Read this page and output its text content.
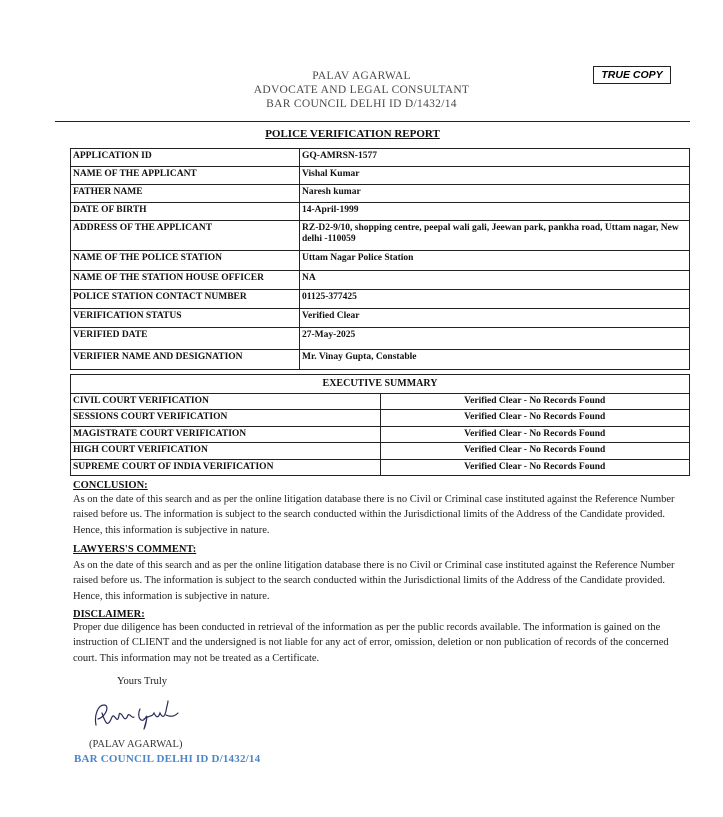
PALAV AGARWAL
ADVOCATE AND LEGAL CONSULTANT
BAR COUNCIL DELHI ID D/1432/14
TRUE COPY
POLICE VERIFICATION REPORT
APPLICATION ID	GQ-AMRSN-1577
NAME OF THE APPLICANT	Vishal Kumar
FATHER NAME	Naresh kumar
DATE OF BIRTH	14-April-1999
ADDRESS OF THE APPLICANT	RZ-D2-9/10, shopping centre, peepal wali gali, Jeewan park, pankha road, Uttam nagar, New delhi -110059
NAME OF THE POLICE STATION	Uttam Nagar Police Station
NAME OF THE STATION HOUSE OFFICER	NA
POLICE STATION CONTACT NUMBER	01125-377425
VERIFICATION STATUS	Verified Clear
VERIFIED DATE	27-May-2025
VERIFIER NAME AND DESIGNATION	Mr. Vinay Gupta, Constable
EXECUTIVE SUMMARY	
CIVIL COURT VERIFICATION	Verified Clear - No Records Found
SESSIONS COURT VERIFICATION	Verified Clear - No Records Found
MAGISTRATE COURT VERIFICATION	Verified Clear - No Records Found
HIGH COURT VERIFICATION	Verified Clear - No Records Found
SUPREME COURT OF INDIA VERIFICATION	Verified Clear - No Records Found
CONCLUSION:
As on the date of this search and as per the online litigation database there is no Civil or Criminal case instituted against the Reference Number raised before us. The information is subject to the search conducted within the Jurisdictional limits of the Address of the Candidate provided. Hence, this information is subjective in nature.
LAWYERS'S COMMENT:
As on the date of this search and as per the online litigation database there is no Civil or Criminal case instituted against the Reference Number raised before us. The information is subject to the search conducted within the Jurisdictional limits of the Address of the Candidate provided. Hence, this information is subjective in nature.
DISCLAIMER:
Proper due diligence has been conducted in retrieval of the information as per the public records available. The information is gained on the instruction of CLIENT and the undersigned is not liable for any act of error, omission, deletion or non publication of records of the concerned court. This information may not be treated as a Certificate.
Yours Truly
(PALAV AGARWAL)
BAR COUNCIL DELHI ID D/1432/14
